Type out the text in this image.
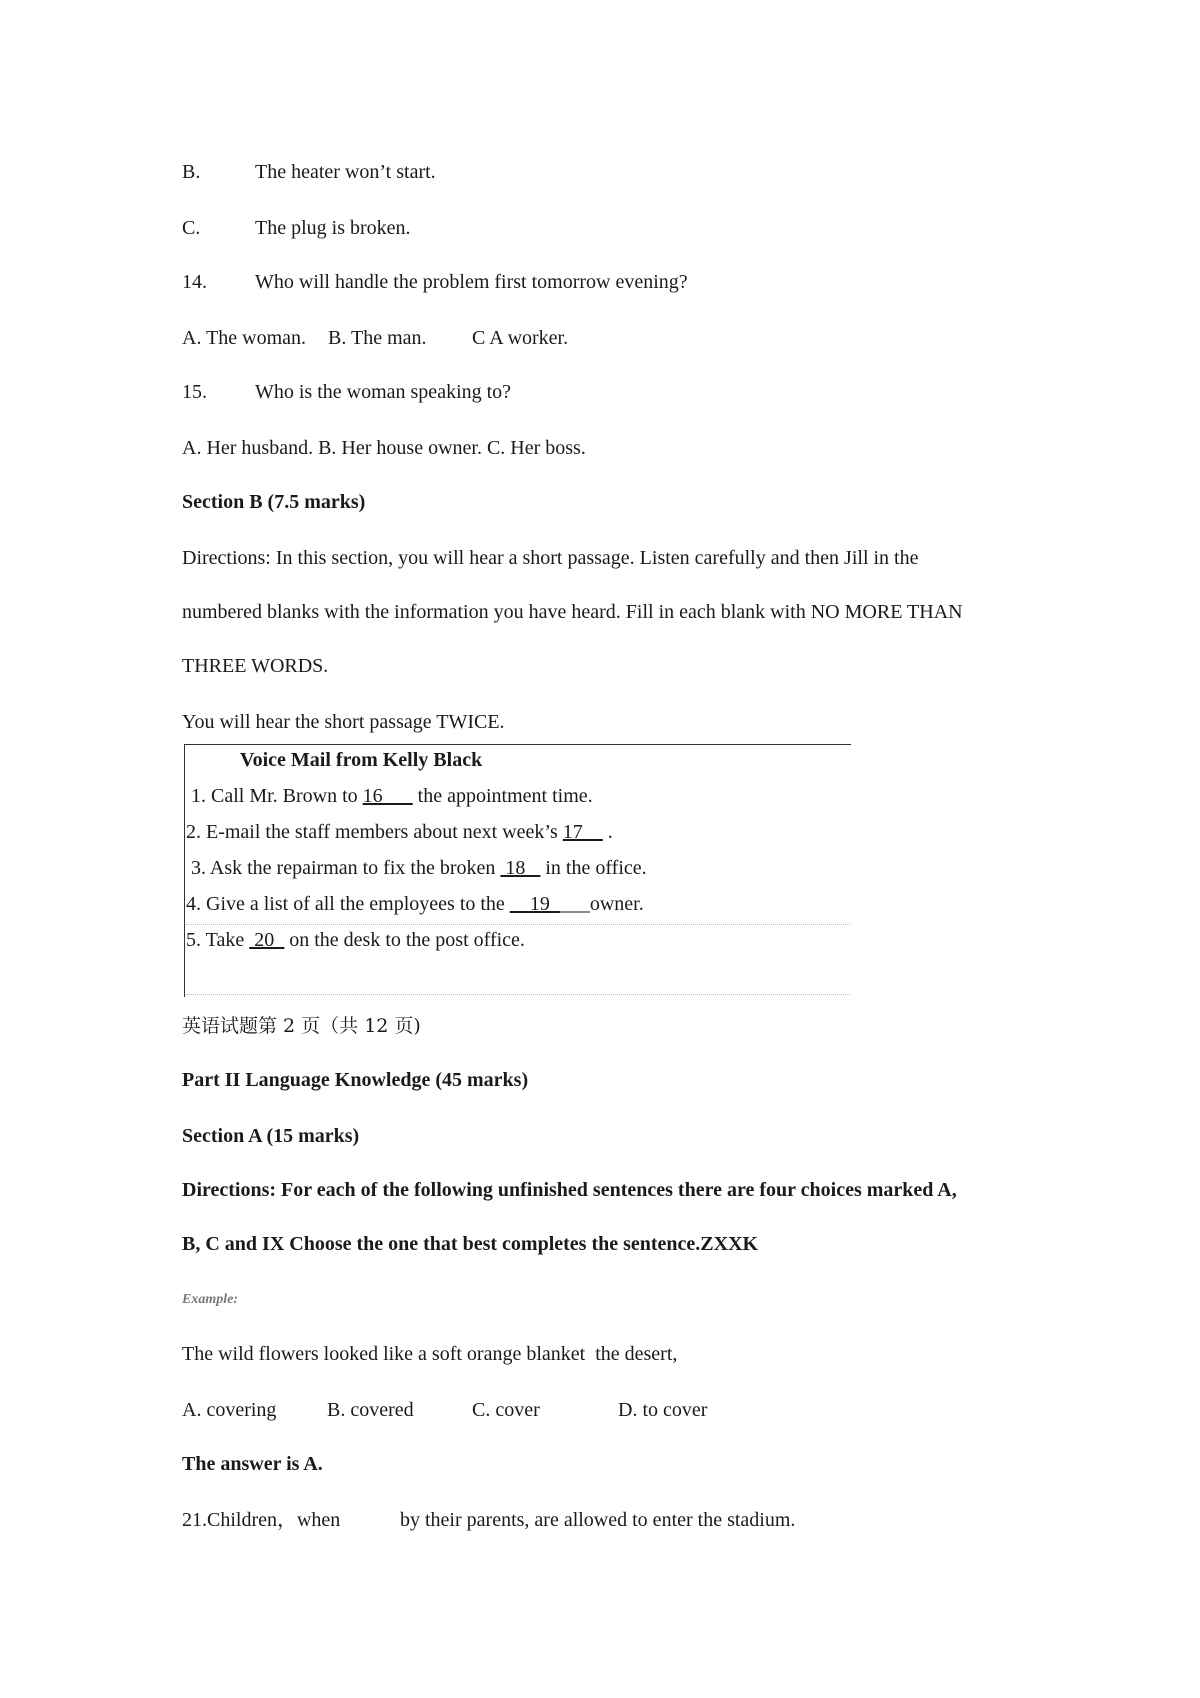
B.	The heater won’t start.
C.	The plug is broken.
14. Who will handle the problem first tomorrow evening?
A. The woman. B. The man. C A worker.
15. Who is the woman speaking to?
A. Her husband. B. Her house owner. C. Her boss.
Section B (7.5 marks)
Directions: In this section, you will hear a short passage. Listen carefully and then Jill in the
numbered blanks with the information you have heard. Fill in each blank with NO MORE THAN
THREE WORDS.
You will hear the short passage TWICE.
Voice Mail from Kelly Black
1. Call Mr. Brown to 16___ the appointment time.
2. E-mail the staff members about next week’s 17__ .
3. Ask the repairman to fix the broken  18_  in the office.
4. Give a list of all the employees to the __19____owner.
5. Take  20_ on the desk to the post office.
英语试题第 2 页（共 12 页)
Part II Language Knowledge (45 marks)
Section A (15 marks)
Directions: For each of the following unfinished sentences there are four choices marked A,
B, C and IX Choose the one that best completes the sentence.ZXXK
Example:
The wild flowers looked like a soft orange blanket  the desert,
A. covering	B. covered	C. cover	D. to cover
The answer is A.
21.Children，when	by their parents, are allowed to enter the stadium.
